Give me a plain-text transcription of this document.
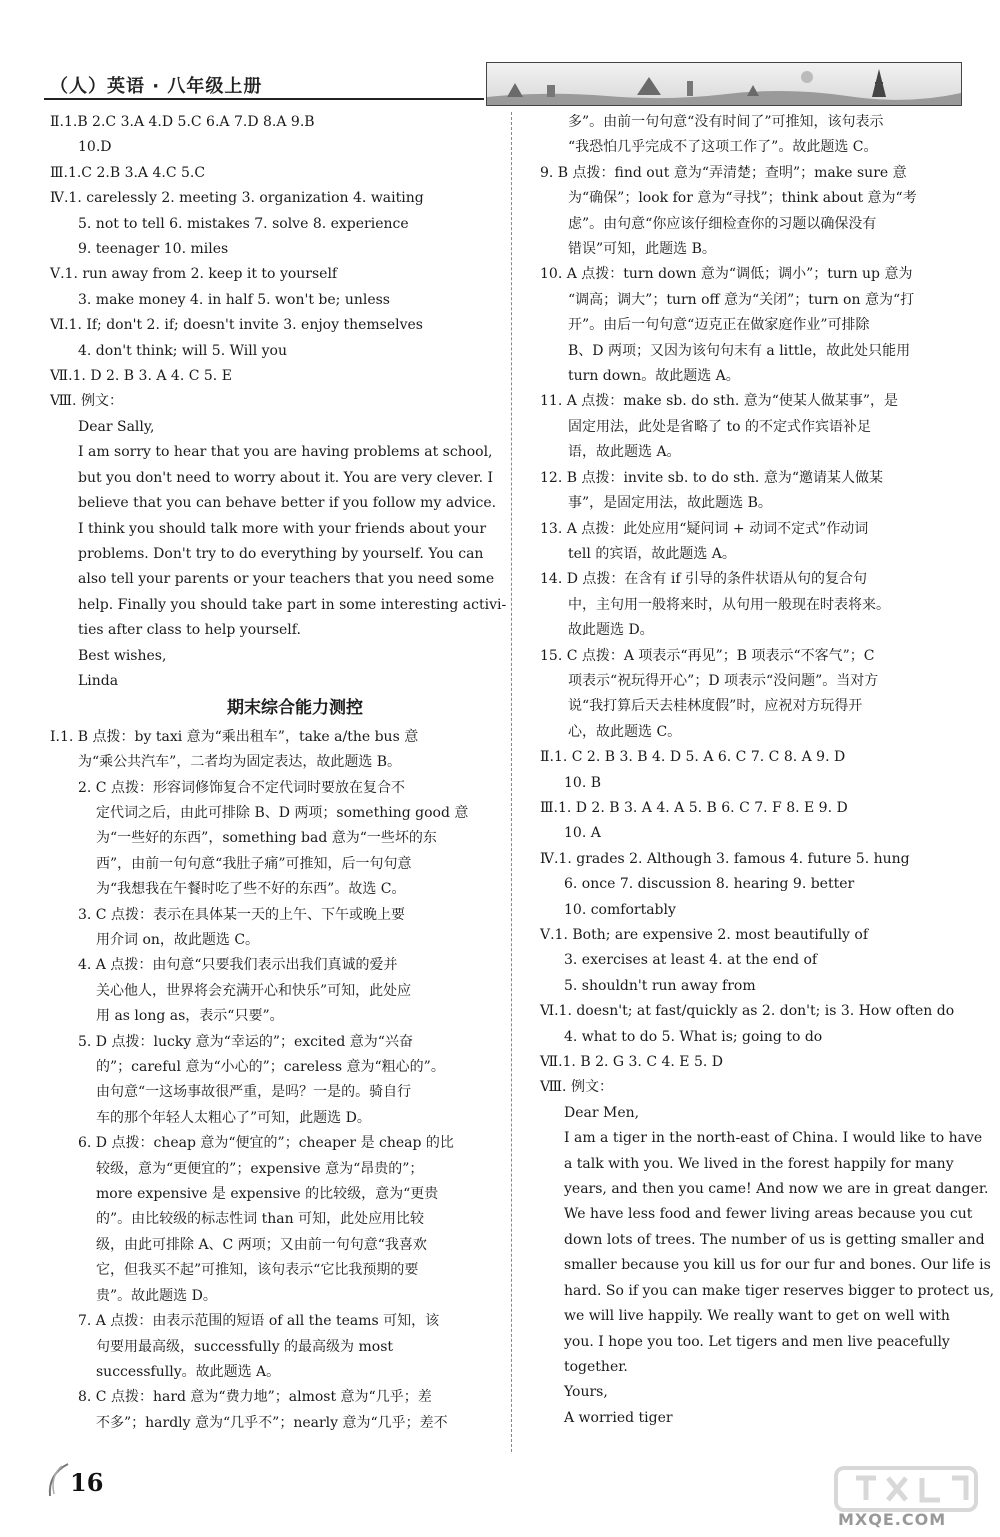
（人）英语 · 八年级上册
Ⅱ.1.B 2.C 3.A 4.D 5.C 6.A 7.D 8.A 9.B
10.D
Ⅲ.1.C 2.B 3.A 4.C 5.C
Ⅳ.1. carelessly 2. meeting 3. organization 4. waiting
5. not to tell 6. mistakes 7. solve 8. experience
9. teenager 10. miles
Ⅴ.1. run away from 2. keep it to yourself
3. make money 4. in half 5. won't be; unless
Ⅵ.1. If; don't 2. if; doesn't invite 3. enjoy themselves
4. don't think; will 5. Will you
Ⅶ.1. D 2. B 3. A 4. C 5. E
Ⅷ. 例文：
Dear Sally,
I am sorry to hear that you are having problems at school,
but you don't need to worry about it. You are very clever. I
believe that you can behave better if you follow my advice.
I think you should talk more with your friends about your
problems. Don't try to do everything by yourself. You can
also tell your parents or your teachers that you need some
help. Finally you should take part in some interesting activi-
ties after class to help yourself.
Best wishes,
Linda
期末综合能力测控
Ⅰ.1. B 点拨：by taxi 意为“乘出租车”，take a/the bus 意
为“乘公共汽车”，二者均为固定表达，故此题选 B。
2. C 点拨：形容词修饰复合不定代词时要放在复合不
定代词之后，由此可排除 B、D 两项；something good 意
为“一些好的东西”，something bad 意为“一些坏的东
西”，由前一句句意“我肚子痛”可推知，后一句句意
为“我想我在午餐时吃了些不好的东西”。故选 C。
3. C 点拨：表示在具体某一天的上午、下午或晚上要
用介词 on，故此题选 C。
4. A 点拨：由句意“只要我们表示出我们真诚的爱并
关心他人，世界将会充满开心和快乐”可知，此处应
用 as long as，表示“只要”。
5. D 点拨：lucky 意为“幸运的”；excited 意为“兴奋
的”；careful 意为“小心的”；careless 意为“粗心的”。
由句意“一这场事故很严重，是吗？一是的。骑自行
车的那个年轻人太粗心了”可知，此题选 D。
6. D 点拨：cheap 意为“便宜的”；cheaper 是 cheap 的比
较级，意为“更便宜的”；expensive 意为“昂贵的”；
more expensive 是 expensive 的比较级，意为“更贵
的”。由比较级的标志性词 than 可知，此处应用比较
级，由此可排除 A、C 两项；又由前一句句意“我喜欢
它，但我买不起”可推知，该句表示“它比我预期的要
贵”。故此题选 D。
7. A 点拨：由表示范围的短语 of all the teams 可知，该
句要用最高级，successfully 的最高级为 most
successfully。故此题选 A。
8. C 点拨：hard 意为“费力地”；almost 意为“几乎；差
不多”；hardly 意为“几乎不”；nearly 意为“几乎；差不
多”。由前一句句意“没有时间了”可推知，该句表示
“我恐怕几乎完成不了这项工作了”。故此题选 C。
9. B 点拨：find out 意为“弄清楚；查明”；make sure 意
为“确保”；look for 意为“寻找”；think about 意为“考
虑”。由句意“你应该仔细检查你的习题以确保没有
错误”可知，此题选 B。
10. A 点拨：turn down 意为“调低；调小”；turn up 意为
“调高；调大”；turn off 意为“关闭”；turn on 意为“打
开”。由后一句句意“迈克正在做家庭作业”可排除
B、D 两项；又因为该句句末有 a little，故此处只能用
turn down。故此题选 A。
11. A 点拨：make sb. do sth. 意为“使某人做某事”，是
固定用法，此处是省略了 to 的不定式作宾语补足
语，故此题选 A。
12. B 点拨：invite sb. to do sth. 意为“邀请某人做某
事”，是固定用法，故此题选 B。
13. A 点拨：此处应用“疑问词 + 动词不定式”作动词
tell 的宾语，故此题选 A。
14. D 点拨：在含有 if 引导的条件状语从句的复合句
中，主句用一般将来时，从句用一般现在时表将来。
故此题选 D。
15. C 点拨：A 项表示“再见”；B 项表示“不客气”；C
项表示“祝玩得开心”；D 项表示“没问题”。当对方
说“我打算后天去桂林度假”时，应祝对方玩得开
心，故此题选 C。
Ⅱ.1. C 2. B 3. B 4. D 5. A 6. C 7. C 8. A 9. D
10. B
Ⅲ.1. D 2. B 3. A 4. A 5. B 6. C 7. F 8. E 9. D
10. A
Ⅳ.1. grades 2. Although 3. famous 4. future 5. hung
6. once 7. discussion 8. hearing 9. better
10. comfortably
Ⅴ.1. Both; are expensive 2. most beautifully of
3. exercises at least 4. at the end of
5. shouldn't run away from
Ⅵ.1. doesn't; at fast/quickly as 2. don't; is 3. How often do
4. what to do 5. What is; going to do
Ⅶ.1. B 2. G 3. C 4. E 5. D
Ⅷ. 例文：
Dear Men,
I am a tiger in the north-east of China. I would like to have
a talk with you. We lived in the forest happily for many
years, and then you came! And now we are in great danger.
We have less food and fewer living areas because you cut
down lots of trees. The number of us is getting smaller and
smaller because you kill us for our fur and bones. Our life is
hard. So if you can make tiger reserves bigger to protect us,
we will live happily. We really want to get on well with
you. I hope you too. Let tigers and men live peacefully
together.
Yours,
A worried tiger
16
MXQE.COM
